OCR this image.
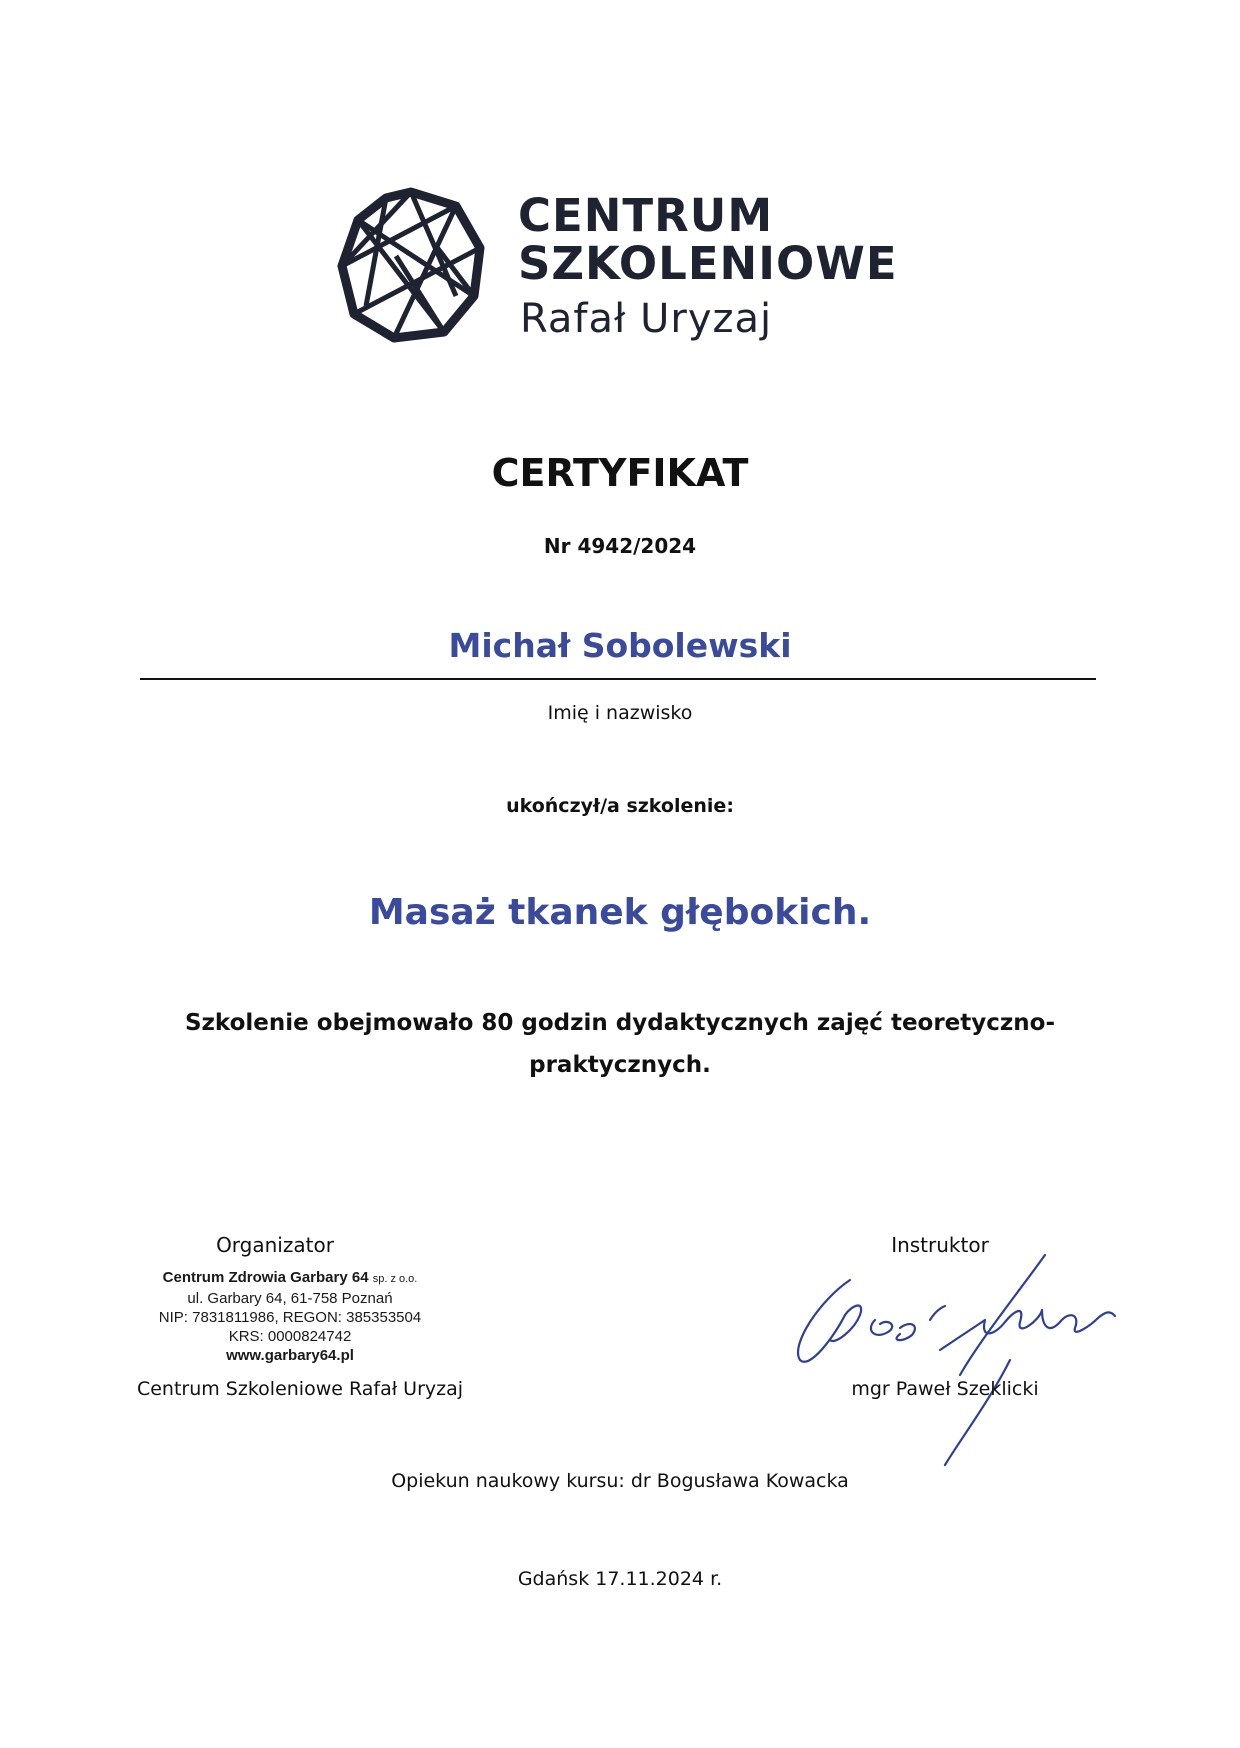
CENTRUM
SZKOLENIOWE
Rafał Uryzaj
CERTYFIKAT
Nr 4942/2024
Michał Sobolewski
Imię i nazwisko
ukończył/a szkolenie:
Masaż tkanek głębokich.
Szkolenie obejmowało 80 godzin dydaktycznych zajęć teoretyczno-praktycznych.
Organizator
Centrum Zdrowia Garbary 64 sp. z o.o.
ul. Garbary 64, 61-758 Poznań
NIP: 7831811986, REGON: 385353504
KRS: 0000824742
www.garbary64.pl
Centrum Szkoleniowe Rafał Uryzaj
Instruktor
mgr Paweł Szeklicki
Opiekun naukowy kursu: dr Bogusława Kowacka
Gdańsk 17.11.2024 r.
